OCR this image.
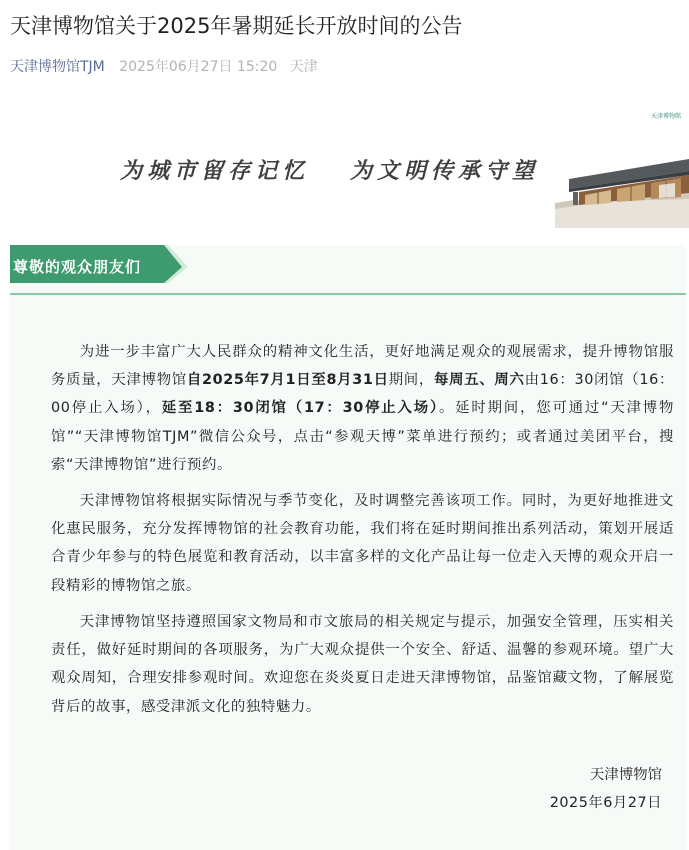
天津博物馆关于2025年暑期延长开放时间的公告
天津博物馆TJM 2025年06月27日 15:20 天津
为城市留存记忆 为文明传承守望
天津博物館
尊敬的观众朋友们

为进一步丰富广大人民群众的精神文化生活，更好地满足观众的观展需求，提升博物馆服务质量，天津博物馆自2025年7月1日至8月31日期间，每周五、周六由16：30闭馆（16：00停止入场），延至18：30闭馆（17：30停止入场）。延时期间，您可通过“天津博物馆”“天津博物馆TJM”微信公众号，点击“参观天博”菜单进行预约；或者通过美团平台，搜索“天津博物馆”进行预约。

天津博物馆将根据实际情况与季节变化，及时调整完善该项工作。同时，为更好地推进文化惠民服务，充分发挥博物馆的社会教育功能，我们将在延时期间推出系列活动，策划开展适合青少年参与的特色展览和教育活动，以丰富多样的文化产品让每一位走入天博的观众开启一段精彩的博物馆之旅。

天津博物馆坚持遵照国家文物局和市文旅局的相关规定与提示，加强安全管理，压实相关责任，做好延时期间的各项服务，为广大观众提供一个安全、舒适、温馨的参观环境。望广大观众周知，合理安排参观时间。欢迎您在炎炎夏日走进天津博物馆，品鉴馆藏文物，了解展览背后的故事，感受津派文化的独特魅力。

天津博物馆
2025年6月27日
